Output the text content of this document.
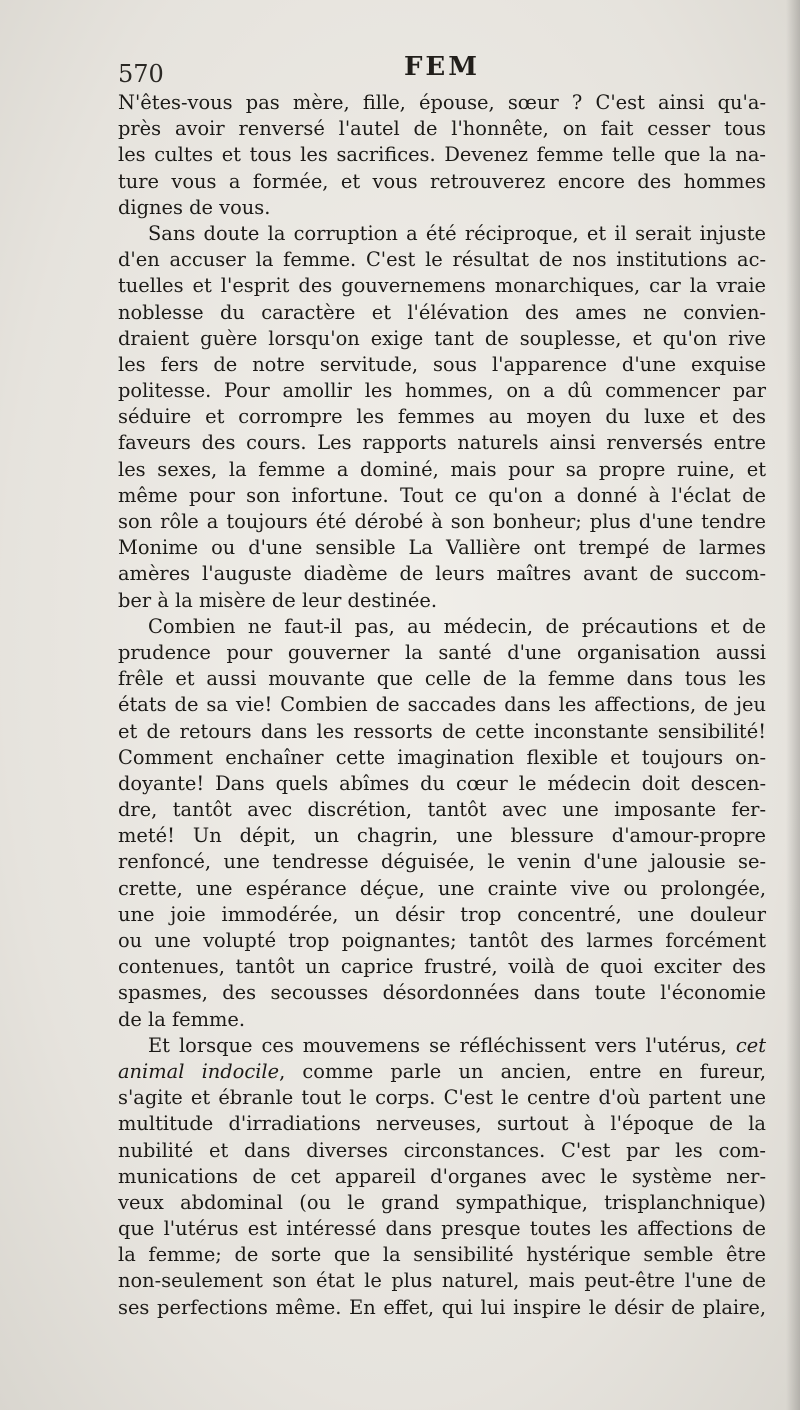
570	FEM
N'êtes-vous pas mère, fille, épouse, sœur ? C'est ainsi qu'a-
près avoir renversé l'autel de l'honnête, on fait cesser tous
les cultes et tous les sacrifices. Devenez femme telle que la na-
ture vous a formée, et vous retrouverez encore des hommes
dignes de vous.
Sans doute la corruption a été réciproque, et il serait injuste
d'en accuser la femme. C'est le résultat de nos institutions ac-
tuelles et l'esprit des gouvernemens monarchiques, car la vraie
noblesse du caractère et l'élévation des ames ne convien-
draient guère lorsqu'on exige tant de souplesse, et qu'on rive
les fers de notre servitude, sous l'apparence d'une exquise
politesse. Pour amollir les hommes, on a dû commencer par
séduire et corrompre les femmes au moyen du luxe et des
faveurs des cours. Les rapports naturels ainsi renversés entre
les sexes, la femme a dominé, mais pour sa propre ruine, et
même pour son infortune. Tout ce qu'on a donné à l'éclat de
son rôle a toujours été dérobé à son bonheur; plus d'une tendre
Monime ou d'une sensible La Vallière ont trempé de larmes
amères l'auguste diadème de leurs maîtres avant de succom-
ber à la misère de leur destinée.
Combien ne faut-il pas, au médecin, de précautions et de
prudence pour gouverner la santé d'une organisation aussi
frêle et aussi mouvante que celle de la femme dans tous les
états de sa vie! Combien de saccades dans les affections, de jeu
et de retours dans les ressorts de cette inconstante sensibilité!
Comment enchaîner cette imagination flexible et toujours on-
doyante! Dans quels abîmes du cœur le médecin doit descen-
dre, tantôt avec discrétion, tantôt avec une imposante fer-
meté! Un dépit, un chagrin, une blessure d'amour-propre
renfoncé, une tendresse déguisée, le venin d'une jalousie se-
crette, une espérance déçue, une crainte vive ou prolongée,
une joie immodérée, un désir trop concentré, une douleur
ou une volupté trop poignantes; tantôt des larmes forcément
contenues, tantôt un caprice frustré, voilà de quoi exciter des
spasmes, des secousses désordonnées dans toute l'économie
de la femme.
Et lorsque ces mouvemens se réfléchissent vers l'utérus, cet
animal indocile, comme parle un ancien, entre en fureur,
s'agite et ébranle tout le corps. C'est le centre d'où partent une
multitude d'irradiations nerveuses, surtout à l'époque de la
nubilité et dans diverses circonstances. C'est par les com-
munications de cet appareil d'organes avec le système ner-
veux abdominal (ou le grand sympathique, trisplanchnique)
que l'utérus est intéressé dans presque toutes les affections de
la femme; de sorte que la sensibilité hystérique semble être
non-seulement son état le plus naturel, mais peut-être l'une de
ses perfections même. En effet, qui lui inspire le désir de plaire,
